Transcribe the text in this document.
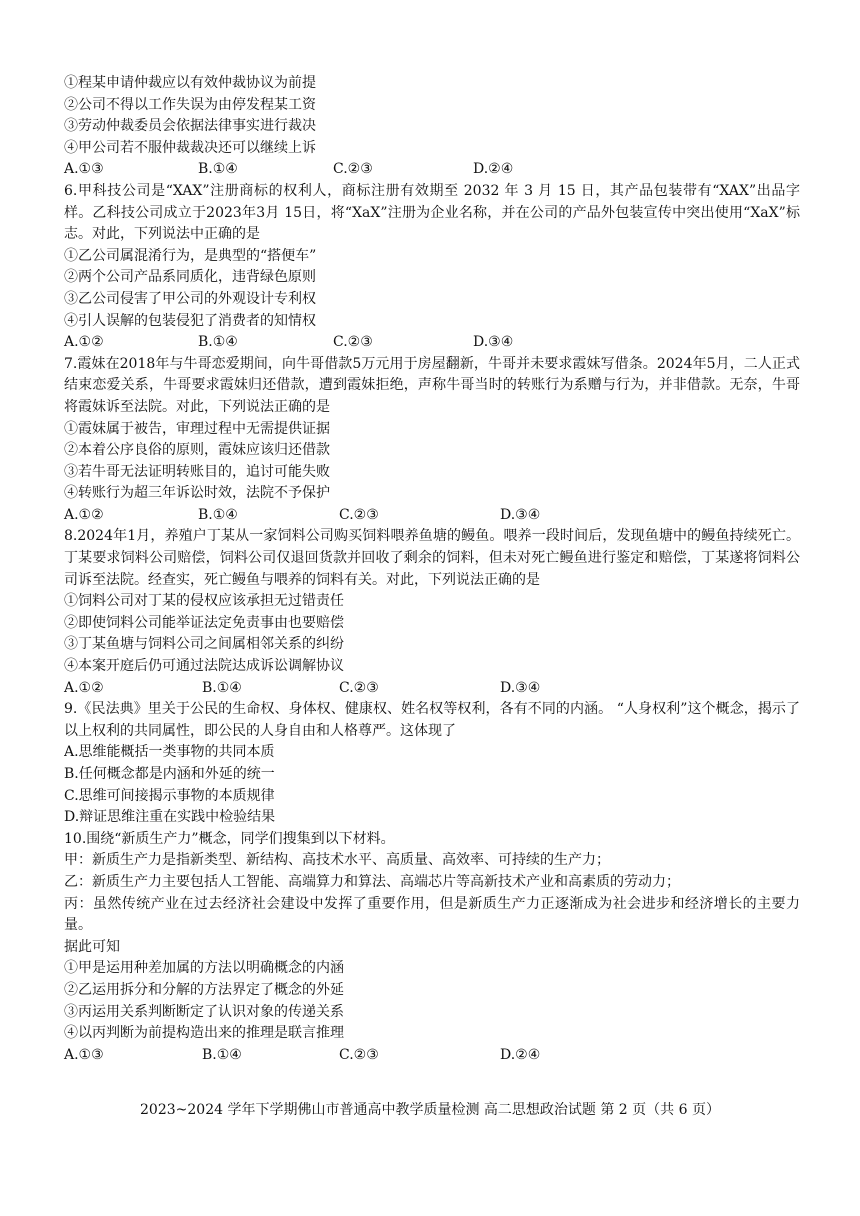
①程某申请仲裁应以有效仲裁协议为前提
②公司不得以工作失误为由停发程某工资
③劳动仲裁委员会依据法律事实进行裁决
④甲公司若不服仲裁裁决还可以继续上诉
A.①③	B.①④	C.②③	D.②④

6.甲科技公司是“XAX”注册商标的权利人，商标注册有效期至 2032 年 3 月 15 日，其产品包装带有“XAX”出品字样。乙科技公司成立于2023年3月 15日，将“XaX”注册为企业名称，并在公司的产品外包装宣传中突出使用“XaX”标志。对此，下列说法中正确的是

①乙公司属混淆行为，是典型的“搭便车”
②两个公司产品系同质化，违背绿色原则
③乙公司侵害了甲公司的外观设计专利权
④引人误解的包装侵犯了消费者的知情权
A.①②	B.①④	C.②③	D.③④

7.霞妹在2018年与牛哥恋爱期间，向牛哥借款5万元用于房屋翻新，牛哥并未要求霞妹写借条。2024年5月，二人正式结束恋爱关系，牛哥要求霞妹归还借款，遭到霞妹拒绝，声称牛哥当时的转账行为系赠与行为，并非借款。无奈，牛哥将霞妹诉至法院。对此，下列说法正确的是

①霞妹属于被告，审理过程中无需提供证据
②本着公序良俗的原则，霞妹应该归还借款
③若牛哥无法证明转账目的，追讨可能失败
④转账行为超三年诉讼时效，法院不予保护
A.①②	B.①④	C.②③	D.③④

8.2024年1月，养殖户丁某从一家饲料公司购买饲料喂养鱼塘的鳗鱼。喂养一段时间后，发现鱼塘中的鳗鱼持续死亡。丁某要求饲料公司赔偿，饲料公司仅退回货款并回收了剩余的饲料，但未对死亡鳗鱼进行鉴定和赔偿，丁某遂将饲料公司诉至法院。经查实，死亡鳗鱼与喂养的饲料有关。对此，下列说法正确的是

①饲料公司对丁某的侵权应该承担无过错责任
②即使饲料公司能举证法定免责事由也要赔偿
③丁某鱼塘与饲料公司之间属相邻关系的纠纷
④本案开庭后仍可通过法院达成诉讼调解协议
A.①②	B.①④	C.②③	D.③④

9.《民法典》里关于公民的生命权、身体权、健康权、姓名权等权利，各有不同的内涵。 “人身权利”这个概念，揭示了以上权利的共同属性，即公民的人身自由和人格尊严。这体现了

A.思维能概括一类事物的共同本质
B.任何概念都是内涵和外延的统一
C.思维可间接揭示事物的本质规律
D.辩证思维注重在实践中检验结果
10.围绕“新质生产力”概念，同学们搜集到以下材料。
甲：新质生产力是指新类型、新结构、高技术水平、高质量、高效率、可持续的生产力；
乙：新质生产力主要包括人工智能、高端算力和算法、高端芯片等高新技术产业和高素质的劳动力；

丙：虽然传统产业在过去经济社会建设中发挥了重要作用，但是新质生产力正逐渐成为社会进步和经济增长的主要力量。

据此可知
①甲是运用种差加属的方法以明确概念的内涵
②乙运用拆分和分解的方法界定了概念的外延
③丙运用关系判断断定了认识对象的传递关系
④以丙判断为前提构造出来的推理是联言推理
A.①③	B.①④	C.②③	D.②④
2023~2024 学年下学期佛山市普通高中教学质量检测 高二思想政治试题 第 2 页（共 6 页）
